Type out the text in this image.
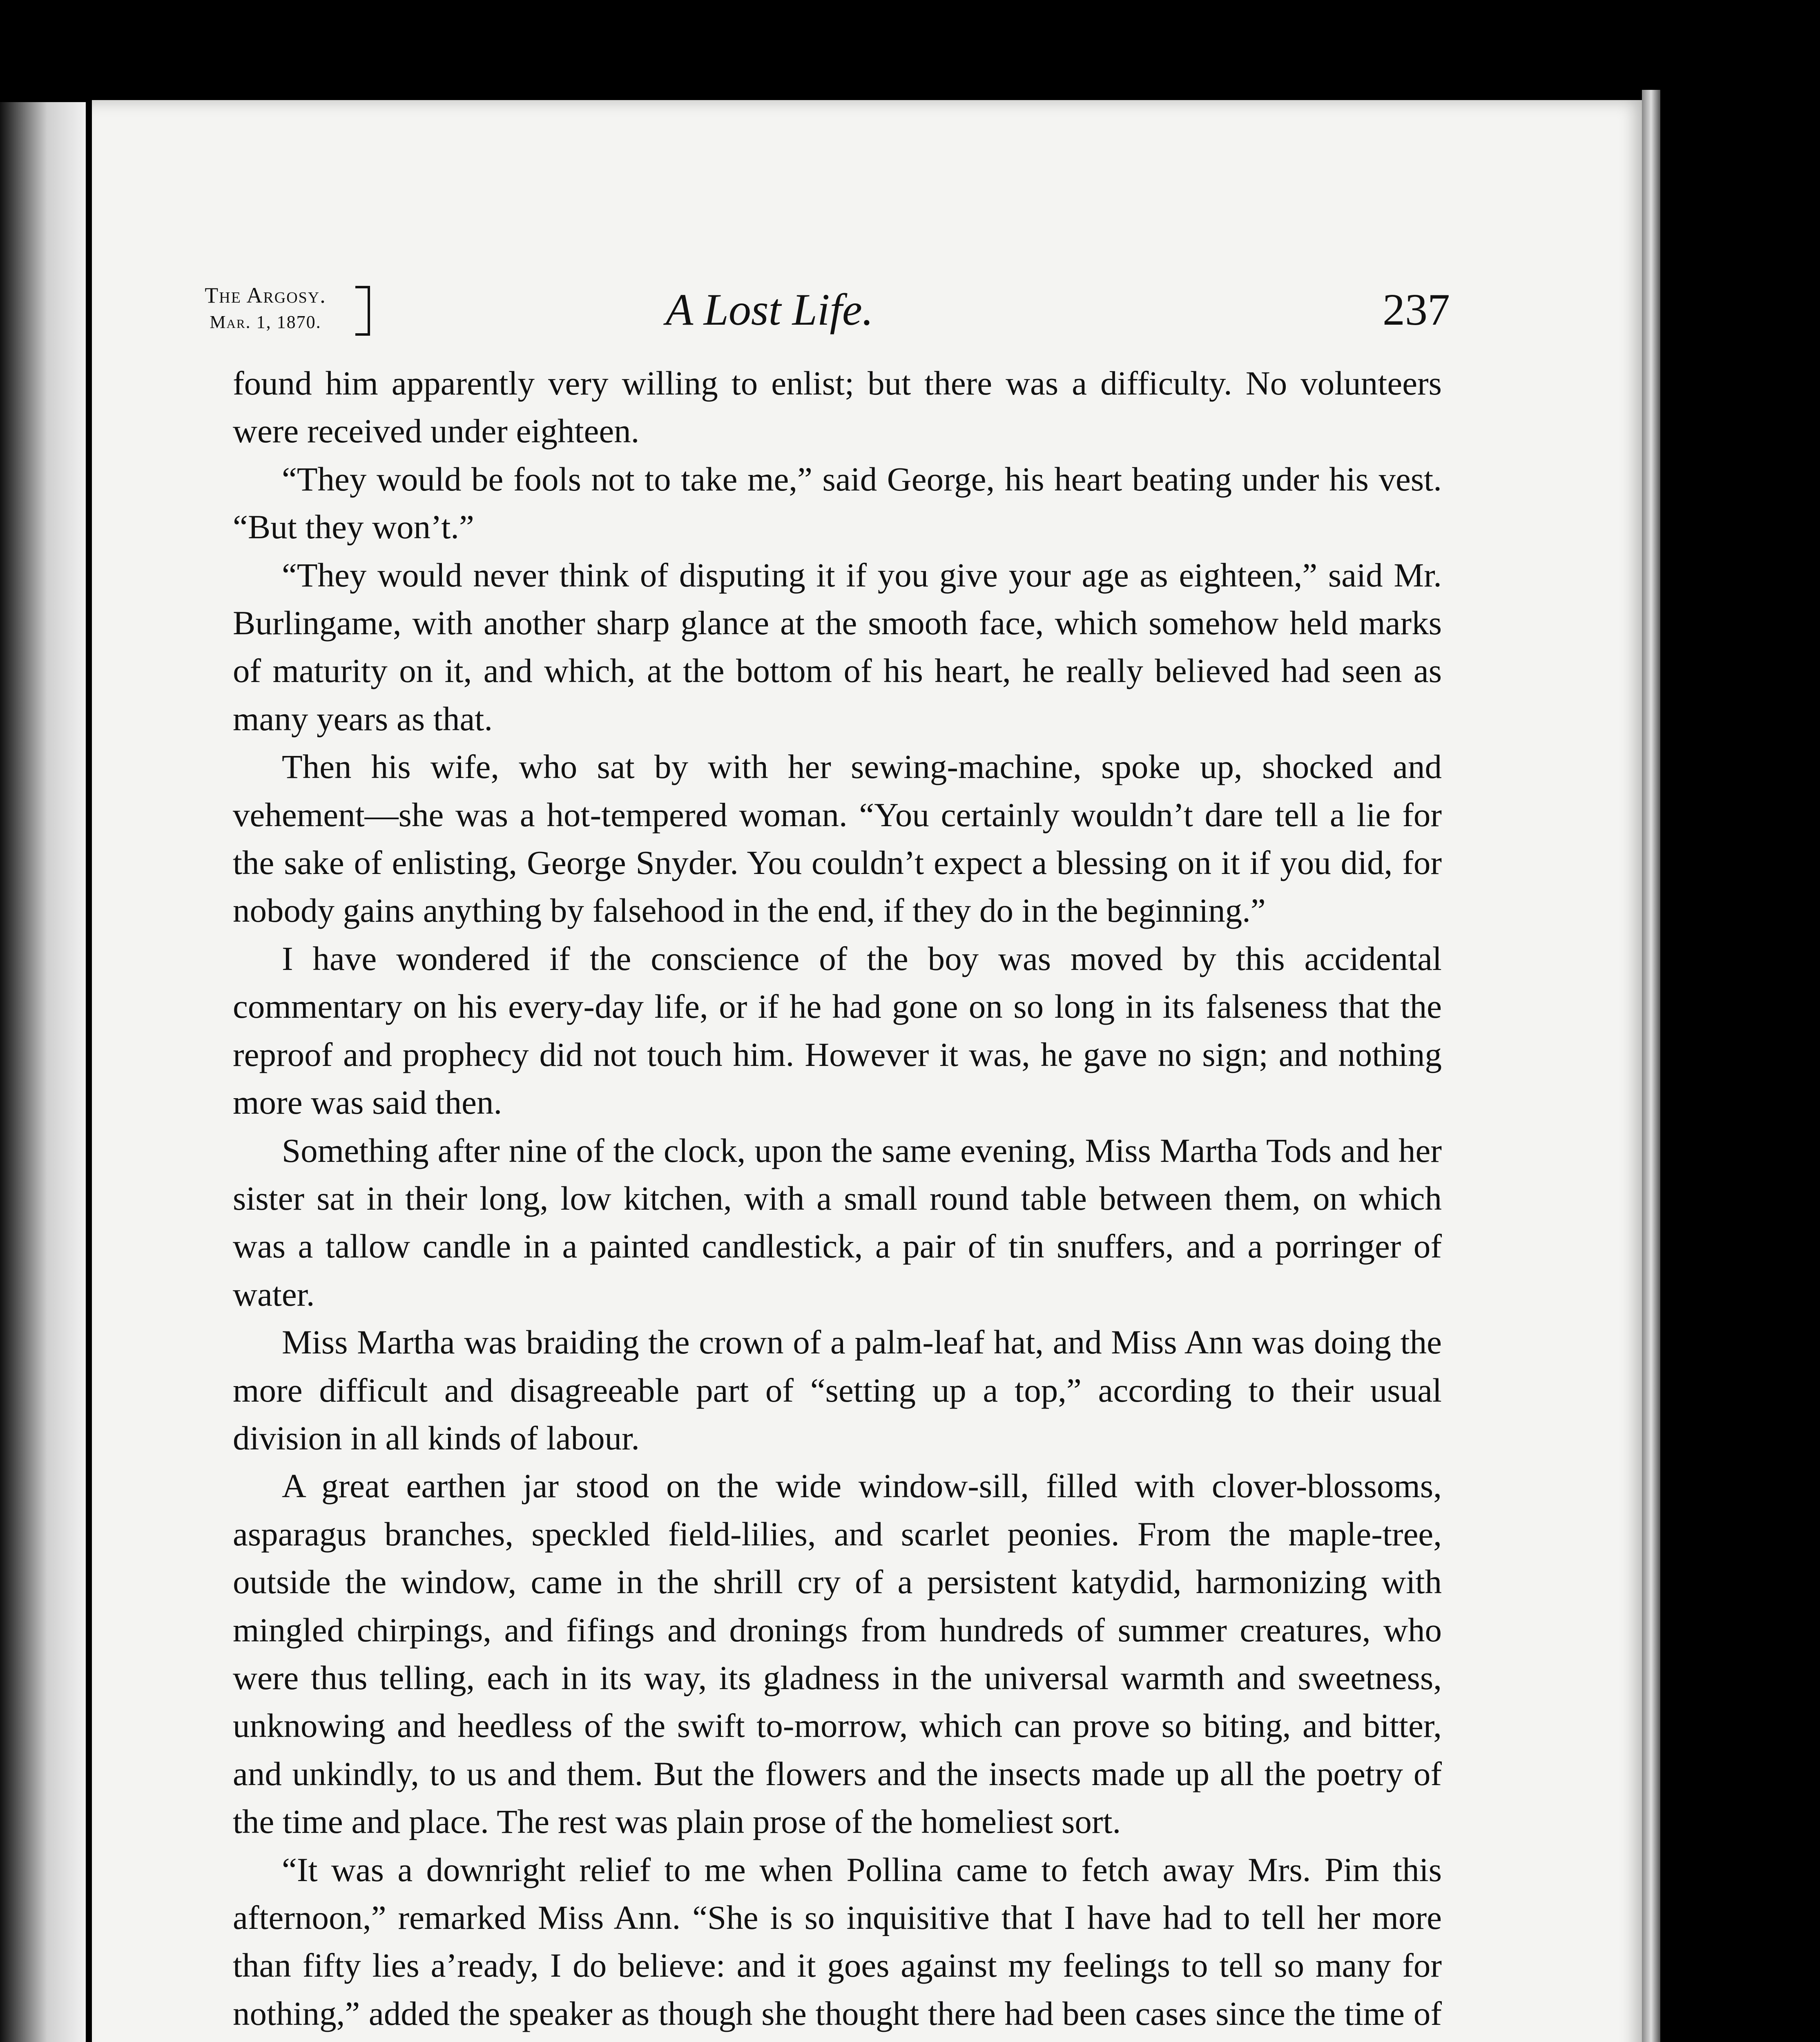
The Argosy.
Mar. 1, 1870.	A Lost Life.	237

found him apparently very willing to enlist; but there was a difficulty. No volunteers were received under eighteen.

“They would be fools not to take me,” said George, his heart beating under his vest. “But they won’t.”

“They would never think of disputing it if you give your age as eighteen,” said Mr. Burlingame, with another sharp glance at the smooth face, which somehow held marks of maturity on it, and which, at the bottom of his heart, he really believed had seen as many years as that.

Then his wife, who sat by with her sewing-machine, spoke up, shocked and vehement—she was a hot-tempered woman. “You certainly wouldn’t dare tell a lie for the sake of enlisting, George Snyder. You couldn’t expect a blessing on it if you did, for nobody gains anything by falsehood in the end, if they do in the beginning.”

I have wondered if the conscience of the boy was moved by this accidental commentary on his every-day life, or if he had gone on so long in its falseness that the reproof and prophecy did not touch him. However it was, he gave no sign; and nothing more was said then.

Something after nine of the clock, upon the same evening, Miss Martha Tods and her sister sat in their long, low kitchen, with a small round table between them, on which was a tallow candle in a painted candlestick, a pair of tin snuffers, and a porringer of water.

Miss Martha was braiding the crown of a palm-leaf hat, and Miss Ann was doing the more difficult and disagreeable part of “setting up a top,” according to their usual division in all kinds of labour.

A great earthen jar stood on the wide window-sill, filled with clover-blossoms, asparagus branches, speckled field-lilies, and scarlet peonies. From the maple-tree, outside the window, came in the shrill cry of a persistent katydid, harmonizing with mingled chirpings, and fifings and dronings from hundreds of summer creatures, who were thus telling, each in its way, its gladness in the universal warmth and sweetness, unknowing and heedless of the swift to-morrow, which can prove so biting, and bitter, and unkindly, to us and them. But the flowers and the insects made up all the poetry of the time and place. The rest was plain prose of the homeliest sort.

“It was a downright relief to me when Pollina came to fetch away Mrs. Pim this afternoon,” remarked Miss Ann. “She is so inquisitive that I have had to tell her more than fifty lies a’ready, I do believe: and it goes against my feelings to tell so many for nothing,” added the speaker as though she thought there had been cases since the time of
